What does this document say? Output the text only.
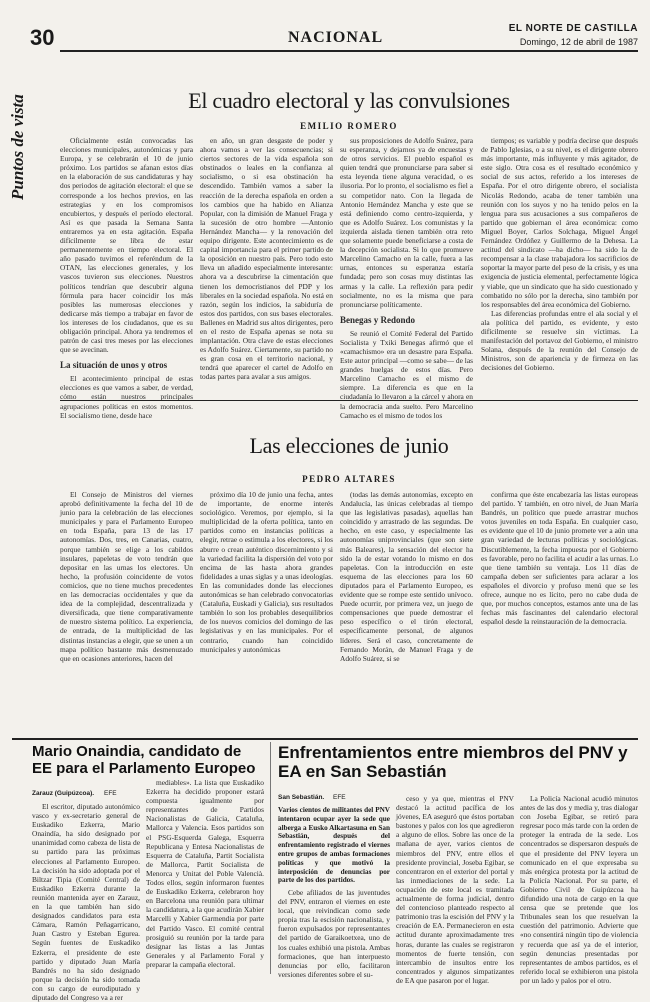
30	NACIONAL
EL NORTE DE CASTILLA
Domingo, 12 de abril de 1987
Puntos de vista	El cuadro electoral y las convulsiones
EMILIO ROMERO

Oficialmente están convocadas las elecciones municipales, autonómicas y para Europa, y se celebrarán el 10 de junio próximo. Los partidos se afanan estos días en la elaboración de sus candidaturas y hay dos periodos de agitación electoral: el que se corresponde a los hechos previos, en las estrategias y en los compromisos encubiertos, y después el período electoral. Así es que pasada la Semana Santa entraremos ya en esta agitación. España difícilmente se libra de estar permanentemente en tiempo electoral. El año pasado tuvimos el referéndum de la OTAN, las elecciones generales, y los vascos tuvieron sus elecciones. Nuestros políticos tendrían que descubrir alguna fórmula para hacer coincidir los más posibles las numerosas elecciones y dedicarse más tiempo a trabajar en favor de los intereses de los ciudadanos, que es su obligación principal. Ahora ya tendremos el patrón de casi tres meses por las elecciones que se avecinan.

La situación de unos y otros

El acontecimiento principal de estas elecciones es que vamos a saber, de verdad, cómo están nuestros principales agrupaciones políticas en estos momentos. El socialismo tiene, desde hace

en año, un gran desgaste de poder y ahora vamos a ver las consecuencias; si ciertos sectores de la vida española son obstinados o leales en la confianza al socialismo, o si esa obstinación ha descendido. También vamos a saber la reacción de la derecha española en orden a los cambios que ha habido en Alianza Popular, con la dimisión de Manuel Fraga y la sucesión de otro hombre —Antonio Hernández Mancha— y la renovación del equipo dirigente. Este acontecimiento es de capital importancia para el primer partido de la oposición en nuestro país. Pero todo esto lleva un añadido especialmente interesante: ahora va a descubrirse la cimentación que tienen los democristianos del PDP y los liberales en la sociedad española. No está en razón, según los indicios, la sabiduría de estos dos partidos, con sus bases electorales. Ballenes en Madrid sus altos dirigentes, pero en el resto de España apenas se nota su implantación. Otra clave de estas elecciones es Adolfo Suárez. Ciertamente, su partido no es gran cosa en el territorio nacional, y tendrá que aparecer el cartel de Adolfo en todas partes para avalar a sus amigos.

sus proposiciones de Adolfo Suárez, para su esperanza, y dejarnos ya de encuestas y de otros servicios. El pueblo español es quien tendrá que pronunciarse para saber si esta leyenda tiene alguna veracidad, o es ilusoria. Por lo pronto, el socialismo es fiel a su competidor nato. Con la llegada de Antonio Hernández Mancha y este que se está definiendo como centro-izquierda, y que es Adolfo Suárez. Los comunistas y la izquierda aislada tienen también otra reto que solamente puede beneficiarse a costa de la decepción socialista. Si lo que promueve Marcelino Camacho en la calle, fuera a las urnas, entonces su esperanza estaría fundada; pero son cosas muy distintas las armas y la calle. La reflexión para pedir socialmente, no es la misma que para pronunciarse políticamente.

Benegas y Redondo

Se reunió el Comité Federal del Partido Socialista y Txiki Benegas afirmó que el «camachismo» era un desastre para España. Este autor principal —como se sabe— de las grandes huelgas de estos días. Pero Marcelino Camacho es el mismo de siempre. La diferencia es que en la ciudadanía lo llevaron a la cárcel y ahora en la democracia anda suelto. Pero Marcelino Camacho es el mismo de todos los

tiempos; es variable y podría decirse que después de Pablo Iglesias, o a su nivel, es el dirigente obrero más importante, más influyente y más agitador, de este siglo. Otra cosa es el resultado económico y social de sus actos, referido a los intereses de España. Por el otro dirigente obrero, el socialista Nicolás Redondo, acaba de tener también una reunión con los suyos y no ha tenido pelos en la lengua para sus acusaciones a sus compañeros de partido que gobiernan el área económica: como Miguel Boyer, Carlos Solchaga, Miguel Ángel Fernández Ordóñez y Guillermo de la Dehesa. La actitud del sindicato —ha dicho— ha sido la de recompensar a la clase trabajadora los sacrificios de soportar la mayor parte del peso de la crisis, y es una exigencia de justicia elemental, perfectamente lógica y viable, que un sindicato que ha sido cuestionado y combatido no sólo por la derecha, sino también por los responsables del área económica del Gobierno.

Las diferencias profundas entre el ala social y el ala política del partido, es evidente, y esto difícilmente se resuelve sin víctimas. La manifestación del portavoz del Gobierno, el ministro Solana, después de la reunión del Consejo de Ministros, son de apariencia y de firmeza en las decisiones del Gobierno.

Las elecciones de junio
PEDRO ALTARES

El Consejo de Ministros del viernes aprobó definitivamente la fecha del 10 de junio para la celebración de las elecciones municipales y para el Parlamento Europeo en toda España, para 13 de las 17 autonomías. Dos, tres, en Canarias, cuatro, porque también se elige a los cabildos insulares, papeletas de voto tendrán que depositar en las urnas los electores. Un hecho, la profusión coincidente de votos comicios, que no tiene muchos precedentes en las democracias occidentales y que da idea de la complejidad, descentralizada y diversificada, que tiene comparativamente de nuestro sistema político. La experiencia, de entrada, de la multiplicidad de las distintas instancias a elegir, que se unen a un mapa político bastante más desmenuzado que en ocasiones anteriores, hacen del

próximo día 10 de junio una fecha, antes de importante, de enorme interés sociológico. Veremos, por ejemplo, si la multiplicidad de la oferta política, tanto en partidos como en instancias políticas a elegir, retrae o estimula a los electores, si los aburre o crean auténtico discernimiento y si la variedad facilita la dispersión del voto por encima de las hasta ahora grandes fidelidades a unas siglas y a unas ideologías. En las comunidades donde las elecciones autonómicas se han celebrado convocatorias (Cataluña, Euskadi y Galicia), sus resultados también lo son los probables desequilibrios de los nuevos comicios del domingo de las legislativas y en las municipales. Por el contrario, cuando han coincidido municipales y autonómicas

(todas las demás autonomías, excepto en Andalucía, las únicas celebradas al tiempo que las legislativas pasadas), aquellas han coincidido y arrastrado de las segundas. De hecho, en este caso, y especialmente las autonomías uniprovinciales (que son siete más Baleares), la sensación del elector ha sido la de estar votando lo mismo en dos papeletas. Con la introducción en este esquema de las elecciones para los 60 diputados para el Parlamento Europeo, es evidente que se rompe este sentido unívoco. Puede ocurrir, por primera vez, un juego de compensaciones que puede demostrar el peso específico o el tirón electoral, específicamente personal, de algunos líderes. Será el caso, concretamente de Fernando Morán, de Manuel Fraga y de Adolfo Suárez, si se

confirma que éste encabezaría las listas europeas del partido. Y también, en otro nivel, de Juan María Bandrés, un político que puede arrastrar muchos votos juveniles en toda España. En cualquier caso, es evidente que el 10 de junio promete ver a aún una gran variedad de lecturas políticas y sociológicas. Discutiblemente, la fecha impuesta por el Gobierno es favorable, pero no facilita el acudir a las urnas. Lo que tiene también su ventaja. Los 11 días de campaña deben ser suficientes para aclarar a los españoles el divorcio y profuso menú que se les ofrece, aunque no es lícito, pero no cabe duda de que, por muchos conceptos, estamos ante una de las fechas más fascinantes del calendario electoral español desde la reinstauración de la democracia.

Mario Onaindia, candidato de EE para el Parlamento Europeo
Zarauz (Guipúzcoa). EFE

El escritor, diputado autonómico vasco y ex-secretario general de Euskadiko Ezkerra, Mario Onaindía, ha sido designado por unanimidad como cabeza de lista de su partido para las próximas elecciones al Parlamento Europeo. La decisión ha sido adoptada por el Biltzar Tipia (Comité Central) de Euskadiko Ezkerra durante la reunión mantenida ayer en Zarauz, en la que también han sido designados candidatos para esta Cámara, Ramón Peñagarricano, Juan Castro y Esteban Egurea. Según fuentes de Euskadiko Ezkerra, el presidente de este partido y diputado Juan María Bandrés no ha sido designado porque la decisión ha sido tomada con su cargo de eurodiputado y diputado del Congreso va a rer

mediables». La lista que Euskadiko Ezkerra ha decidido proponer estará compuesta igualmente por representantes de Partidos Nacionalistas de Galicia, Cataluña, Mallorca y Valencia. Esos partidos son el PSG-Esquerda Galega, Esquerra Republicana y Entesa Nacionalistas de Esquerra de Cataluña, Partit Socialista de Mallorca, Partit Socialista de Menorca y Unitat del Poble Valencià. Todos ellos, según informaron fuentes de Euskadiko Ezkerra, celebraron hoy en Barcelona una reunión para ultimar la candidatura, a la que acudirán Xabier Marcelli y Xabier Garmendia por parte del Partido Vasco. El comité central prosiguió su reunión por la tarde para designar las listas a las Juntas Generales y al Parlamento Foral y preparar la campaña electoral.

Enfrentamientos entre miembros del PNV y EA en San Sebastián
San Sebastián. EFE
Varios cientos de militantes del PNV intentaron ocupar ayer la sede que alberga a Eusko Alkartasuna en San Sebastián, después del enfrentamiento registrado el viernes entre grupos de ambas formaciones políticas y que motivó la interposición de denuncias por parte de los dos partidos.

Cebe afiliados de las juventudes del PNV, entraron el viernes en este local, que reivindican como sede propia tras la escisión nacionalista, y fueron expulsados por representantes del partido de Garaikoetxea, uno de los cuales exhibió una pistola. Ambas formaciones, que han interpuesto denuncias por ello, facilitaron versiones diferentes sobre el su-

ceso y ya que, mientras el PNV destacó la actitud pacífica de los jóvenes, EA aseguró que éstos portaban bastones y palos con los que agredieron a alguno de ellos. Sobre las once de la mañana de ayer, varios cientos de miembros del PNV, entre ellos el presidente provincial, Joseba Egibar, se concentraron en el exterior del portal y las inmediaciones de la sede. La ocupación de este local es tramitada actualmente de forma judicial, dentro del contencioso planteado respecto al patrimonio tras la escisión del PNV y la creación de EA. Permanecieron en esta actitud durante aproximadamente tres horas, durante las cuales se registraron momentos de fuerte tensión, con intercambio de insultos entre los concentrados y algunos simpatizantes de EA que pasaron por el lugar.

La Policía Nacional acudió minutos antes de las dos y media y, tras dialogar con Joseba Egibar, se retiró para regresar poco más tarde con la orden de proteger la entrada de la sede. Los concentrados se dispersaron después de que el presidente del PNV leyera un comunicado en el que expresaba su más enérgica protesta por la actitud de la Policía Nacional. Por su parte, el Gobierno Civil de Guipúzcoa ha difundido una nota de cargo en la que censa que se pretende que los Tribunales sean los que resuelvan la cuestión del patrimonio. Advierte que «no consentirá ningún tipo de violencia y recuerda que así ya de el interior, según denuncias presentadas por representantes de ambos partidos, es el referido local se exhibieron una pistola por un lado y palos por el otro.
